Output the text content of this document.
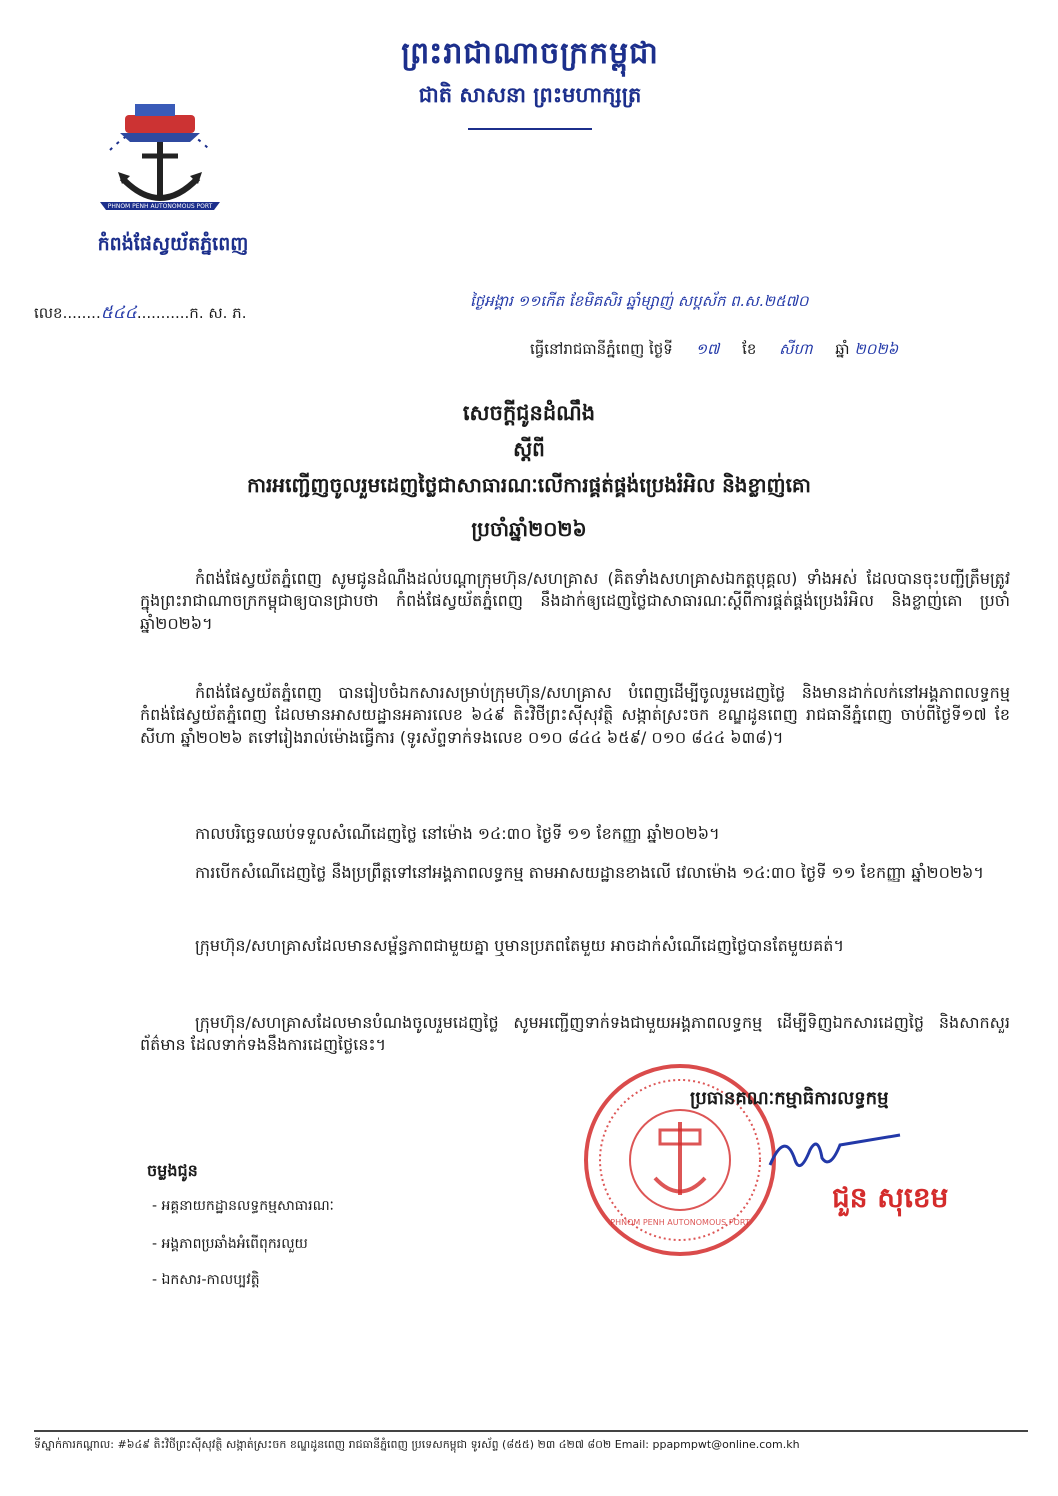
ព្រះរាជាណាចក្រកម្ពុជា
ជាតិ សាសនា ព្រះមហាក្សត្រ
PHNOM PENH AUTONOMOUS PORT
កំពង់ផែស្វយ័តភ្នំពេញ
លេខ........៥៤៤...........ក. ស. ភ.
ថ្ងៃអង្គារ ១១កើត ខែមិគសិរ ឆ្នាំម្សាញ់ សប្តស័ក ព.ស.២៥៧០
ធ្វើនៅរាជធានីភ្នំពេញ ថ្ងៃទី ១៧ ខែ សីហា ឆ្នាំ ២០២៦
សេចក្តីជូនដំណឹង
ស្តីពី
ការអញ្ជើញចូលរួមដេញថ្លៃជាសាធារណៈលើការផ្គត់ផ្គង់ប្រេងរំអិល និងខ្លាញ់គោ
ប្រចាំឆ្នាំ២០២៦
កំពង់ផែស្វយ័តភ្នំពេញ សូមជូនដំណឹងដល់បណ្តាក្រុមហ៊ុន/សហគ្រាស (គិតទាំងសហគ្រាសឯកត្តបុគ្គល) ទាំងអស់ ដែលបានចុះបញ្ជីត្រឹមត្រូវក្នុងព្រះរាជាណាចក្រកម្ពុជាឲ្យបានជ្រាបថា កំពង់ផែស្វយ័តភ្នំពេញ នឹងដាក់ឲ្យដេញថ្លៃជាសាធារណៈស្តីពីការផ្គត់ផ្គង់ប្រេងរំអិល និងខ្លាញ់គោ ប្រចាំឆ្នាំ២០២៦។
កំពង់ផែស្វយ័តភ្នំពេញ បានរៀបចំឯកសារសម្រាប់ក្រុមហ៊ុន/សហគ្រាស បំពេញដើម្បីចូលរួមដេញថ្លៃ និងមានដាក់លក់នៅអង្គភាពលទ្ធកម្មកំពង់ផែស្វយ័តភ្នំពេញ ដែលមានអាសយដ្ឋានអគារលេខ ៦៤៩ តិះវិថីព្រះស៊ីសុវត្ថិ សង្កាត់ស្រះចក ខណ្ឌដូនពេញ រាជធានីភ្នំពេញ ចាប់ពីថ្ងៃទី១៧ ខែសីហា ឆ្នាំ២០២៦ តទៅរៀងរាល់ម៉ោងធ្វើការ (ទូរស័ព្ទទាក់ទងលេខ ០១០ ៨៤៤ ៦៥៩/ ០១០ ៨៤៤ ៦៣៨)។
កាលបរិច្ឆេទឈប់ទទួលសំណើដេញថ្លៃ នៅម៉ោង ១៤:៣០ ថ្ងៃទី ១១ ខែកញ្ញា ឆ្នាំ២០២៦។
ការបើកសំណើដេញថ្លៃ នឹងប្រព្រឹត្តទៅនៅអង្គភាពលទ្ធកម្ម តាមអាសយដ្ឋានខាងលើ វេលាម៉ោង ១៤:៣០ ថ្ងៃទី ១១ ខែកញ្ញា ឆ្នាំ២០២៦។
ក្រុមហ៊ុន/សហគ្រាសដែលមានសម្ព័ន្ធភាពជាមួយគ្នា ឬមានប្រភពតែមួយ អាចដាក់សំណើដេញថ្លៃបានតែមួយគត់។
ក្រុមហ៊ុន/សហគ្រាសដែលមានបំណងចូលរួមដេញថ្លៃ សូមអញ្ជើញទាក់ទងជាមួយអង្គភាពលទ្ធកម្ម ដើម្បីទិញឯកសារដេញថ្លៃ និងសាកសួរព័ត៌មាន ដែលទាក់ទងនឹងការដេញថ្លៃនេះ។
PHNOM PENH AUTONOMOUS PORT
ប្រធានគណៈកម្មាធិការលទ្ធកម្ម
ជួន សុខេម
ចម្លងជូន
- អគ្គនាយកដ្ឋានលទ្ធកម្មសាធារណៈ
- អង្គភាពប្រឆាំងអំពើពុករលួយ
- ឯកសារ-កាលប្បវត្តិ
ទីស្នាក់ការកណ្តាល: #៦៤៩ តិះវិថីព្រះស៊ីសុវត្ថិ សង្កាត់ស្រះចក ខណ្ឌដូនពេញ រាជធានីភ្នំពេញ ប្រទេសកម្ពុជា ទូរស័ព្ទ (៨៥៥) ២៣ ៤២៧ ៨០២ Email: ppapmpwt@online.com.kh
